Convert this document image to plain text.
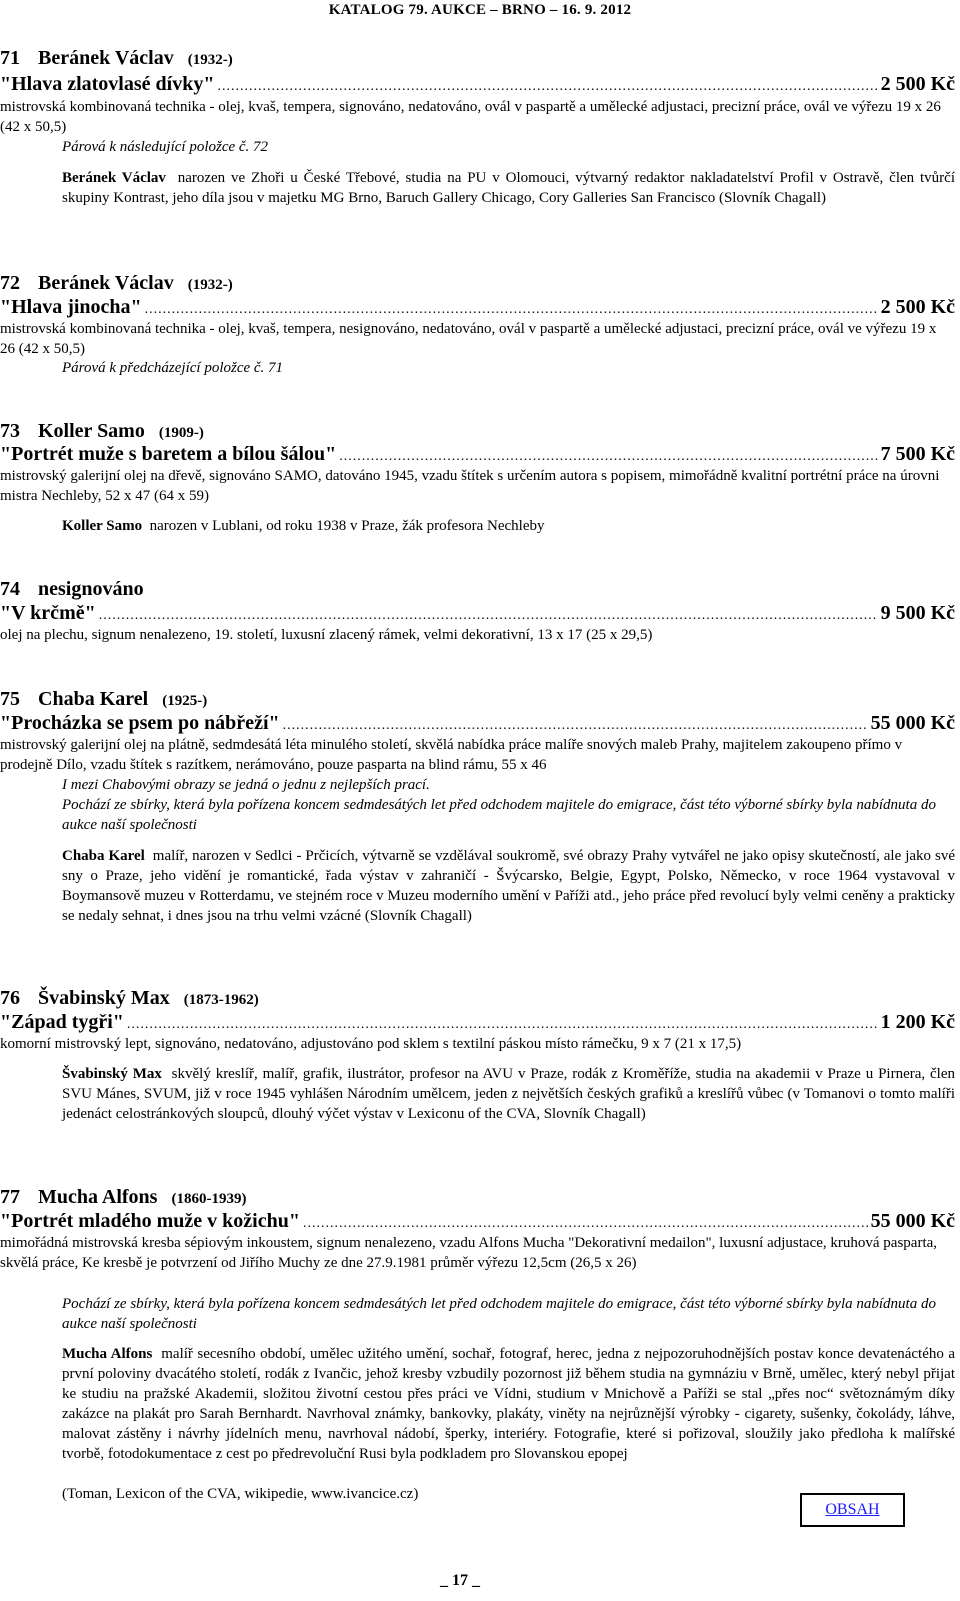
KATALOG 79. AUKCE – BRNO – 16. 9. 2012
71 Beránek Václav (1932-)
"Hlava zlatovlasé dívky" .....	2 500 Kč
mistrovská kombinovaná technika - olej, kvaš, tempera, signováno, nedatováno, ovál v paspartě a umělecké adjustaci, precizní práce, ovál ve výřezu 19 x 26 (42 x 50,5)
Párová k následující položce č. 72
Beránek Václav narozen ve Zhoři u České Třebové, studia na PU v Olomouci, výtvarný redaktor nakladatelství Profil v Ostravě, člen tvůrčí skupiny Kontrast, jeho díla jsou v majetku MG Brno, Baruch Gallery Chicago, Cory Galleries San Francisco (Slovník Chagall)
72 Beránek Václav (1932-)
"Hlava jinocha" .....	2 500 Kč
mistrovská kombinovaná technika - olej, kvaš, tempera, nesignováno, nedatováno, ovál v paspartě a umělecké adjustaci, precizní práce, ovál ve výřezu 19 x 26 (42 x 50,5)
Párová k předcházející položce č. 71
73 Koller Samo (1909-)
"Portrét muže s baretem a bílou šálou" .....	7 500 Kč
mistrovský galerijní olej na dřevě, signováno SAMO, datováno 1945, vzadu štítek s určením autora s popisem, mimořádně kvalitní portrétní práce na úrovni mistra Nechleby, 52 x 47 (64 x 59)
Koller Samo narozen v Lublani, od roku 1938 v Praze, žák profesora Nechleby
74 nesignováno
"V krčmě" .....	9 500 Kč
olej na plechu, signum nenalezeno, 19. století, luxusní zlacený rámek, velmi dekorativní, 13 x 17 (25 x 29,5)
75 Chaba Karel (1925-)
"Procházka se psem po nábřeží" .....	55 000 Kč
mistrovský galerijní olej na plátně, sedmdesátá léta minulého století, skvělá nabídka práce malíře snových maleb Prahy, majitelem zakoupeno přímo v prodejně Dílo, vzadu štítek s razítkem, nerámováno, pouze paspartа na blind rámu, 55 x 46
I mezi Chabovými obrazy se jedná o jednu z nejlepších prací.
Pochází ze sbírky, která byla pořízena koncem sedmdesátých let před odchodem majitele do emigrace, část této výborné sbírky byla nabídnuta do aukce naší společnosti
Chaba Karel malíř, narozen v Sedlci - Prčicích, výtvarně se vzdělával soukromě, své obrazy Prahy vytvářel ne jako opisy skutečností, ale jako své sny o Praze, jeho vidění je romantické, řada výstav v zahraničí - Švýcarsko, Belgie, Egypt, Polsko, Německo, v roce 1964 vystavoval v Boymansově muzeu v Rotterdamu, ve stejném roce v Muzeu moderního umění v Paříži atd., jeho práce před revolucí byly velmi ceněny a prakticky se nedaly sehnat, i dnes jsou na trhu velmi vzácné (Slovník Chagall)
76 Švabinský Max (1873-1962)
"Západ tygři" .....	1 200 Kč
komorní mistrovský lept, signováno, nedatováno, adjustováno pod sklem s textilní páskou místo rámečku, 9 x 7 (21 x 17,5)
Švabinský Max skvělý kreslíř, malíř, grafik, ilustrátor, profesor na AVU v Praze, rodák z Kroměříže, studia na akademii v Praze u Pirnera, člen SVU Mánes, SVUM, již v roce 1945 vyhlášen Národním umělcem, jeden z největších českých grafiků a kreslířů vůbec (v Tomanovi o tomto malíři jedenáct celostránkových sloupců, dlouhý výčet výstav v Lexiconu of the CVA, Slovník Chagall)
77 Mucha Alfons (1860-1939)
"Portrét mladého muže v kožichu" .....	55 000 Kč
mimořádná mistrovská kresba sépiovým inkoustem, signum nenalezeno, vzadu Alfons Mucha "Dekorativní medailon", luxusní adjustace, kruhová paspartа, skvělá práce, Ke kresbě je potvrzení od Jiřího Muchy ze dne 27.9.1981 průměr výřezu 12,5cm (26,5 x 26)
Pochází ze sbírky, která byla pořízena koncem sedmdesátých let před odchodem majitele do emigrace, část této výborné sbírky byla nabídnuta do aukce naší společnosti
Mucha Alfons malíř secesního období, umělec užitého umění, sochař, fotograf, herec, jedna z nejpozoruhodnějších postav konce devatenáctého a první poloviny dvacátého století, rodák z Ivančic, jehož kresby vzbudily pozornost již během studia na gymnáziu v Brně, umělec, který nebyl přijat ke studiu na pražské Akademii, složitou životní cestou přes práci ve Vídni, studium v Mnichově a Paříži se stal „přes noc“ světoznámým díky zakázce na plakát pro Sarah Bernhardt. Navrhoval známky, bankovky, plakáty, viněty na nejrůznější výrobky - cigarety, sušenky, čokolády, láhve, malovat zástěny i návrhy jídelních menu, navrhoval nádobí, šperky, interiéry. Fotografie, které si pořizoval, sloužily jako předloha k malířské tvorbě, fotodokumentace z cest po předrevoluční Rusi byla podkladem pro Slovanskou epopej
(Toman, Lexicon of the CVA, wikipedie, www.ivancice.cz)
OBSAH
_ 17 _
